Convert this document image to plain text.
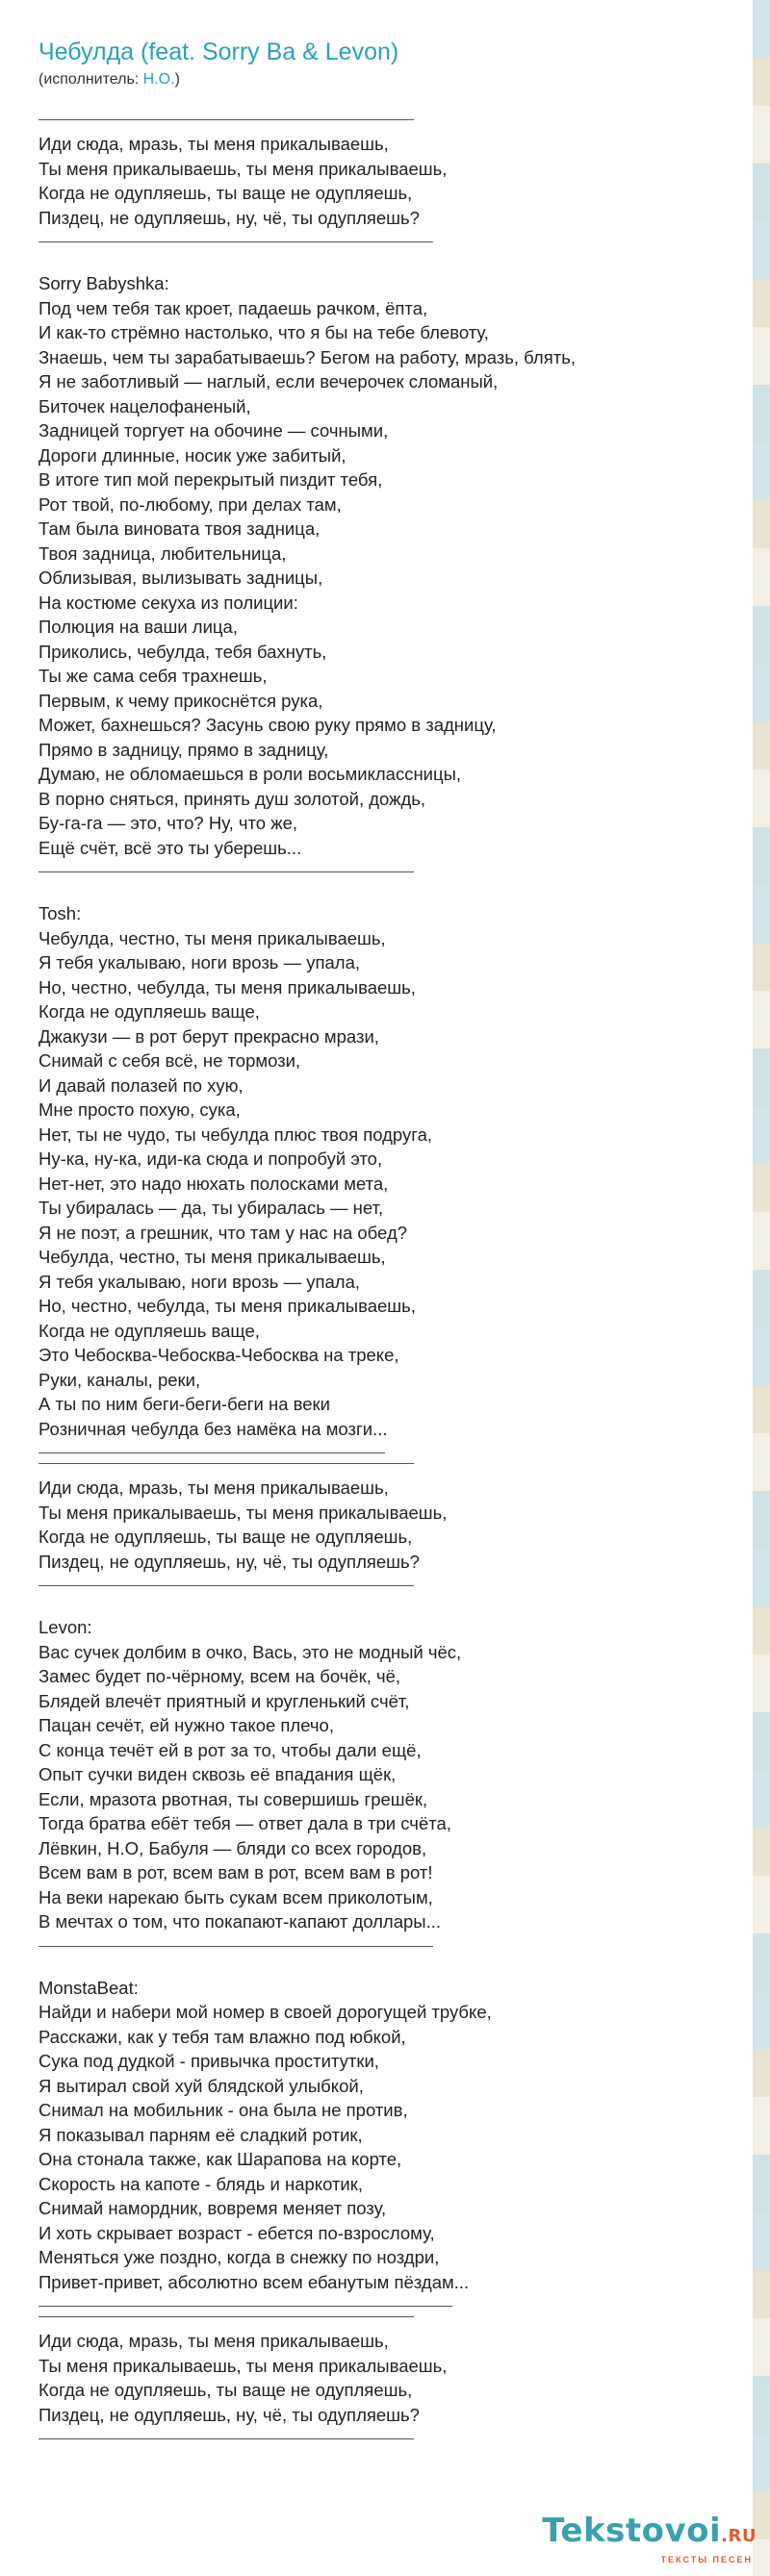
Чебулда (feat. Sorry Ba & Levon)
(исполнитель: Н.О.)
Иди сюда, мразь, ты меня прикалываешь,
Ты меня прикалываешь, ты меня прикалываешь,
Когда не одупляешь, ты ваще не одупляешь,
Пиздец, не одупляешь, ну, чё, ты одупляешь?
Sorry Babyshka:
Под чем тебя так кроет, падаешь рачком, ёпта,
И как-то стрёмно настолько, что я бы на тебе блевоту,
Знаешь, чем ты зарабатываешь? Бегом на работу, мразь, блять,
Я не заботливый — наглый, если вечерочек сломаный,
Биточек нацелофаненый,
Задницей торгует на обочине — сочными,
Дороги длинные, носик уже забитый,
В итоге тип мой перекрытый пиздит тебя,
Рот твой, по-любому, при делах там,
Там была виновата твоя задница,
Твоя задница, любительница,
Облизывая, вылизывать задницы,
На костюме секуха из полиции:
Полюция на ваши лица,
Приколись, чебулда, тебя бахнуть,
Ты же сама себя трахнешь,
Первым, к чему прикоснётся рука,
Может, бахнешься? Засунь свою руку прямо в задницу,
Прямо в задницу, прямо в задницу,
Думаю, не обломаешься в роли восьмиклассницы,
В порно сняться, принять душ золотой, дождь,
Бу-га-га — это, что? Ну, что же,
Ещё счёт, всё это ты уберешь...
Tosh:
Чебулда, честно, ты меня прикалываешь,
Я тебя укалываю, ноги врозь — упала,
Но, честно, чебулда, ты меня прикалываешь,
Когда не одупляешь ваще,
Джакузи — в рот берут прекрасно мрази,
Снимай с себя всё, не тормози,
И давай полазей по хую,
Мне просто похую, сука,
Нет, ты не чудо, ты чебулда плюс твоя подруга,
Ну-ка, ну-ка, иди-ка сюда и попробуй это,
Нет-нет, это надо нюхать полосками мета,
Ты убиралась — да, ты убиралась — нет,
Я не поэт, а грешник, что там у нас на обед?
Чебулда, честно, ты меня прикалываешь,
Я тебя укалываю, ноги врозь — упала,
Но, честно, чебулда, ты меня прикалываешь,
Когда не одупляешь ваще,
Это Чебосква-Чебосква-Чебосква на треке,
Руки, каналы, реки,
А ты по ним беги-беги-беги на веки
Розничная чебулда без намёка на мозги...
Иди сюда, мразь, ты меня прикалываешь,
Ты меня прикалываешь, ты меня прикалываешь,
Когда не одупляешь, ты ваще не одупляешь,
Пиздец, не одупляешь, ну, чё, ты одупляешь?
Levon:
Вас сучек долбим в очко, Вась, это не модный чёс,
Замес будет по-чёрному, всем на бочёк, чё,
Блядей влечёт приятный и кругленький счёт,
Пацан сечёт, ей нужно такое плечо,
С конца течёт ей в рот за то, чтобы дали ещё,
Опыт сучки виден сквозь её впадания щёк,
Если, мразота рвотная, ты совершишь грешёк,
Тогда братва ебёт тебя — ответ дала в три счёта,
Лёвкин, Н.О, Бабуля — бляди со всех городов,
Всем вам в рот, всем вам в рот, всем вам в рот!
На веки нарекаю быть сукам всем приколотым,
В мечтах о том, что покапают-капают доллары...
MonstaBeat:
Найди и набери мой номер в своей дорогущей трубке,
Расскажи, как у тебя там влажно под юбкой,
Сука под дудкой - привычка проститутки,
Я вытирал свой хуй блядской улыбкой,
Снимал на мобильник - она была не против,
Я показывал парням её сладкий ротик,
Она стонала также, как Шарапова на корте,
Скорость на капоте - блядь и наркотик,
Снимай намордник, вовремя меняет позу,
И хоть скрывает возраст - ебется по-взрослому,
Меняться уже поздно, когда в снежку по ноздри,
Привет-привет, абсолютно всем ебанутым пёздам...
Иди сюда, мразь, ты меня прикалываешь,
Ты меня прикалываешь, ты меня прикалываешь,
Когда не одупляешь, ты ваще не одупляешь,
Пиздец, не одупляешь, ну, чё, ты одупляешь?
Tekstovoi.RU
ТЕКСТЫ ПЕСЕН
